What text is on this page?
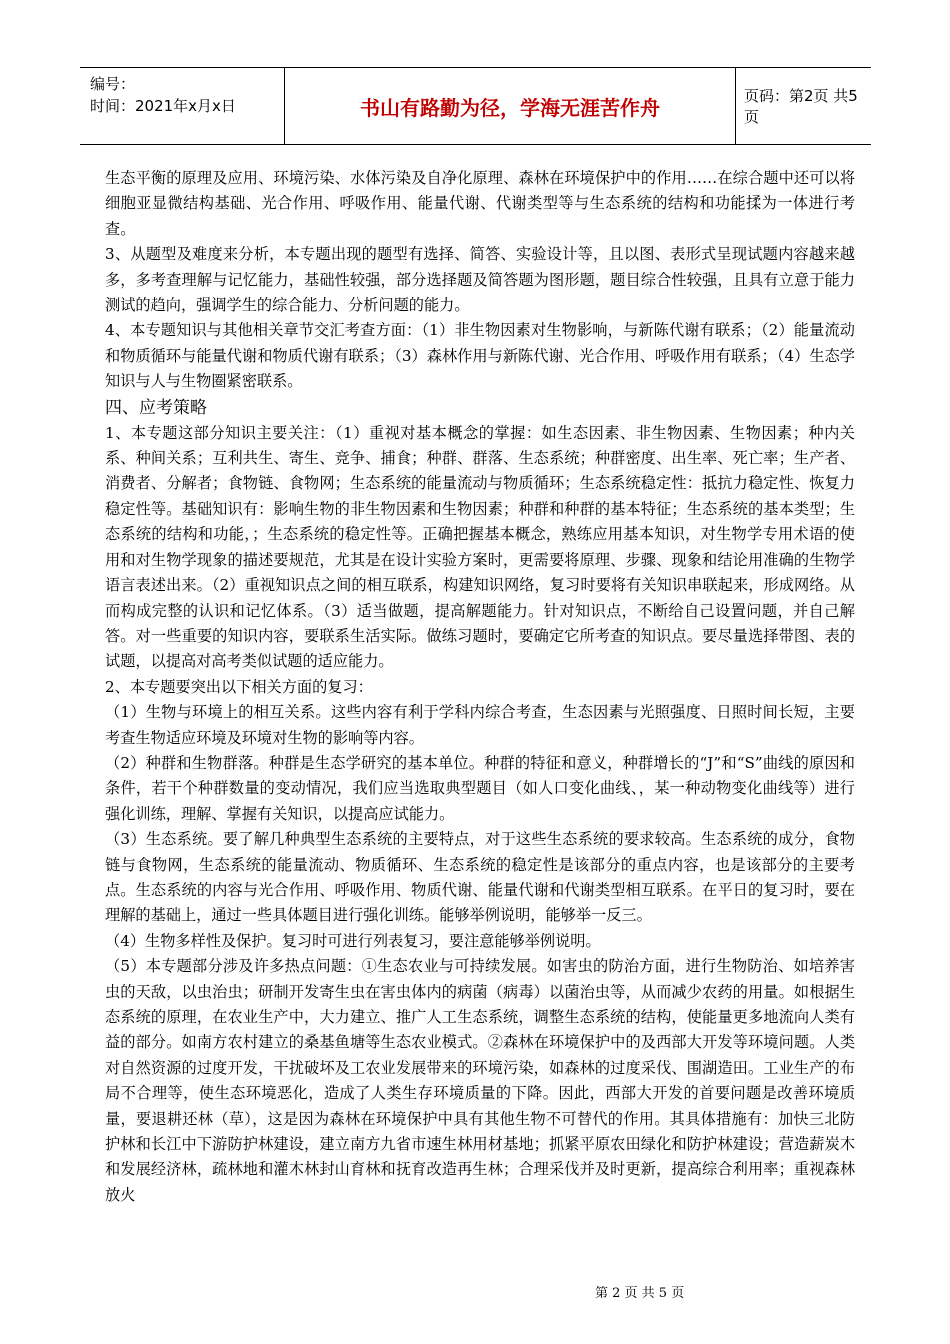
编号：
时间：2021年x月x日	书山有路勤为径，学海无涯苦作舟	页码：第2页 共5页

生态平衡的原理及应用、环境污染、水体污染及自净化原理、森林在环境保护中的作用……在综合题中还可以将细胞亚显微结构基础、光合作用、呼吸作用、能量代谢、代谢类型等与生态系统的结构和功能揉为一体进行考查。

3、从题型及难度来分析，本专题出现的题型有选择、简答、实验设计等，且以图、表形式呈现试题内容越来越多，多考查理解与记忆能力，基础性较强，部分选择题及简答题为图形题，题目综合性较强，且具有立意于能力测试的趋向，强调学生的综合能力、分析问题的能力。

4、本专题知识与其他相关章节交汇考查方面：（1）非生物因素对生物影响，与新陈代谢有联系；（2）能量流动和物质循环与能量代谢和物质代谢有联系；（3）森林作用与新陈代谢、光合作用、呼吸作用有联系；（4）生态学知识与人与生物圈紧密联系。

四、应考策略

1、本专题这部分知识主要关注：（1）重视对基本概念的掌握：如生态因素、非生物因素、生物因素；种内关系、种间关系；互利共生、寄生、竞争、捕食；种群、群落、生态系统；种群密度、出生率、死亡率；生产者、消费者、分解者；食物链、食物网；生态系统的能量流动与物质循环；生态系统稳定性：抵抗力稳定性、恢复力稳定性等。基础知识有：影响生物的非生物因素和生物因素；种群和种群的基本特征；生态系统的基本类型；生态系统的结构和功能，；生态系统的稳定性等。正确把握基本概念，熟练应用基本知识，对生物学专用术语的使用和对生物学现象的描述要规范，尤其是在设计实验方案时，更需要将原理、步骤、现象和结论用准确的生物学语言表述出来。（2）重视知识点之间的相互联系，构建知识网络，复习时要将有关知识串联起来，形成网络。从而构成完整的认识和记忆体系。（3）适当做题，提高解题能力。针对知识点，不断给自己设置问题，并自己解答。对一些重要的知识内容，要联系生活实际。做练习题时，要确定它所考查的知识点。要尽量选择带图、表的试题，以提高对高考类似试题的适应能力。

2、本专题要突出以下相关方面的复习：

（1）生物与环境上的相互关系。这些内容有利于学科内综合考查，生态因素与光照强度、日照时间长短，主要考查生物适应环境及环境对生物的影响等内容。

（2）种群和生物群落。种群是生态学研究的基本单位。种群的特征和意义，种群增长的“J”和“S”曲线的原因和条件，若干个种群数量的变动情况，我们应当选取典型题目（如人口变化曲线、，某一种动物变化曲线等）进行强化训练，理解、掌握有关知识，以提高应试能力。

（3）生态系统。要了解几种典型生态系统的主要特点，对于这些生态系统的要求较高。生态系统的成分，食物链与食物网，生态系统的能量流动、物质循环、生态系统的稳定性是该部分的重点内容，也是该部分的主要考点。生态系统的内容与光合作用、呼吸作用、物质代谢、能量代谢和代谢类型相互联系。在平日的复习时，要在理解的基础上，通过一些具体题目进行强化训练。能够举例说明，能够举一反三。

（4）生物多样性及保护。复习时可进行列表复习，要注意能够举例说明。

（5）本专题部分涉及许多热点问题：①生态农业与可持续发展。如害虫的防治方面，进行生物防治、如培养害虫的天敌，以虫治虫；研制开发寄生虫在害虫体内的病菌（病毒）以菌治虫等，从而减少农药的用量。如根据生态系统的原理，在农业生产中，大力建立、推广人工生态系统，调整生态系统的结构，使能量更多地流向人类有益的部分。如南方农村建立的桑基鱼塘等生态农业模式。②森林在环境保护中的及西部大开发等环境问题。人类对自然资源的过度开发，干扰破坏及工农业发展带来的环境污染，如森林的过度采伐、围湖造田。工业生产的布局不合理等，使生态环境恶化，造成了人类生存环境质量的下降。因此，西部大开发的首要问题是改善环境质量，要退耕还林（草），这是因为森林在环境保护中具有其他生物不可替代的作用。其具体措施有：加快三北防护林和长江中下游防护林建设，建立南方九省市速生林用材基地；抓紧平原农田绿化和防护林建设；营造薪炭木和发展经济林，疏林地和灌木林封山育林和抚育改造再生林；合理采伐并及时更新，提高综合利用率；重视森林放火

第 2 页 共 5 页
